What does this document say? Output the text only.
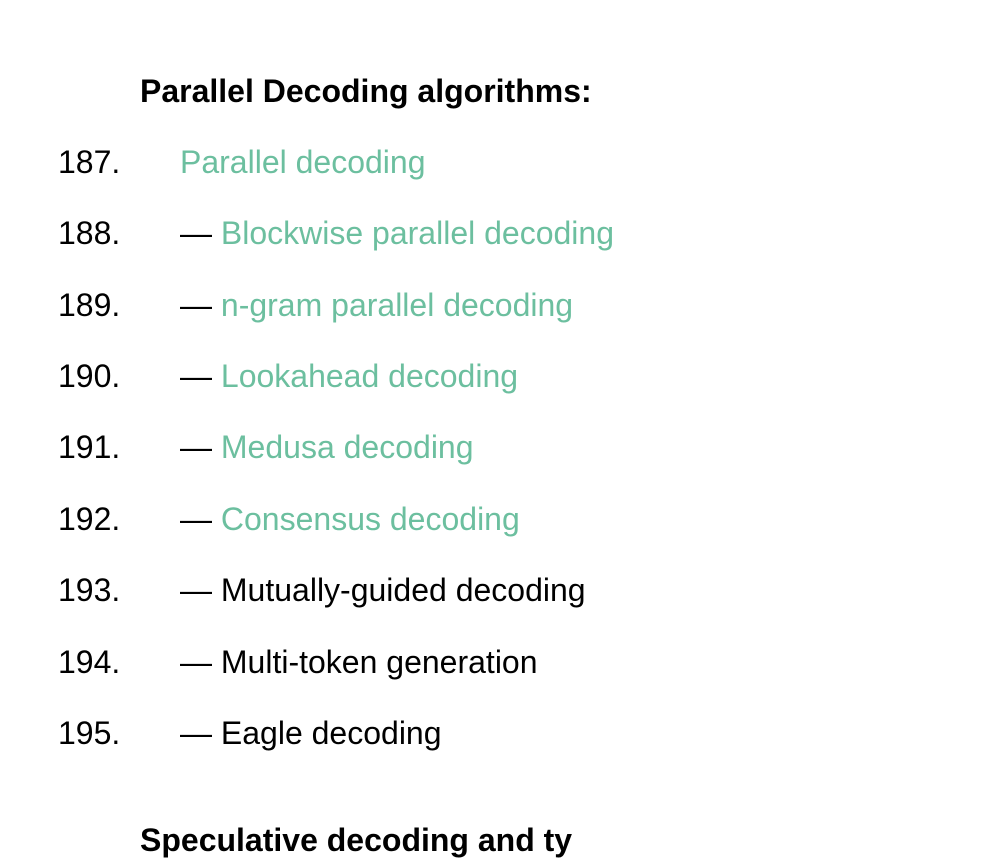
Parallel Decoding algorithms:
187. Parallel decoding
188. — Blockwise parallel decoding
189. — n-gram parallel decoding
190. — Lookahead decoding
191. — Medusa decoding
192. — Consensus decoding
193. — Mutually-guided decoding
194. — Multi-token generation
195. — Eagle decoding
Speculative decoding and ty
